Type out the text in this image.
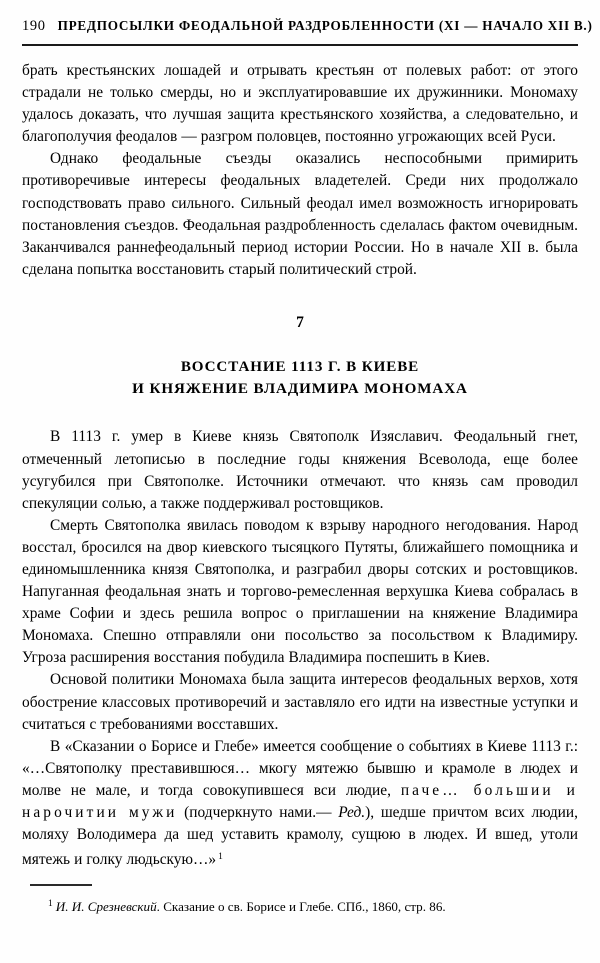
190 ПРЕДПОСЫЛКИ ФЕОДАЛЬНОЙ РАЗДРОБЛЕННОСТИ (XI — НАЧАЛО XII В.)

брать крестьянских лошадей и отрывать крестьян от полевых работ: от этого страдали не только смерды, но и эксплуатировавшие их дружинники. Мономаху удалось доказать, что лучшая защита крестьянского хозяйства, а следовательно, и благополучия феодалов — разгром половцев, постоянно угрожающих всей Руси.

Однако феодальные съезды оказались неспособными примирить противоречивые интересы феодальных владетелей. Среди них продолжало господствовать право сильного. Сильный феодал имел возможность игнорировать постановления съездов. Феодальная раздробленность сделалась фактом очевидным. Заканчивался раннефеодальный период истории России. Но в начале XII в. была сделана попытка восстановить старый политический строй.

7
ВОССТАНИЕ 1113 Г. В КИЕВЕ
И КНЯЖЕНИЕ ВЛАДИМИРА МОНОМАХА

В 1113 г. умер в Киеве князь Святополк Изяславич. Феодальный гнет, отмеченный летописью в последние годы княжения Всеволода, еще более усугубился при Святополке. Источники отмечают. что князь сам проводил спекуляции солью, а также поддерживал ростовщиков.

Смерть Святополка явилась поводом к взрыву народного негодования. Народ восстал, бросился на двор киевского тысяцкого Путяты, ближайшего помощника и единомышленника князя Святополка, и разграбил дворы сотских и ростовщиков. Напуганная феодальная знать и торгово-ремесленная верхушка Киева собралась в храме Софии и здесь решила вопрос о приглашении на княжение Владимира Мономаха. Спешно отправляли они посольство за посольством к Владимиру. Угроза расширения восстания побудила Владимира поспешить в Киев.

Основой политики Мономаха была защита интересов феодальных верхов, хотя обострение классовых противоречий и заставляло его идти на известные уступки и считаться с требованиями восставших.

В «Сказании о Борисе и Глебе» имеется сообщение о событиях в Киеве 1113 г.: «…Святополку преставившюся… мкогу мятежю бывшю и крамоле в людех и молве не мале, и тогда совокупившеся вси людие, паче… большии и нарочитии мужи (подчеркнуто нами.— Ред.), шедше причтом всих людии, моляху Володимера да шед уставить крамолу, сущюю в людех. И вшед, утоли мятежь и голку людьскую…» $^1$

$^1$ И. И. Срезневский. Сказание о св. Борисе и Глебе. СПб., 1860, стр. 86.
